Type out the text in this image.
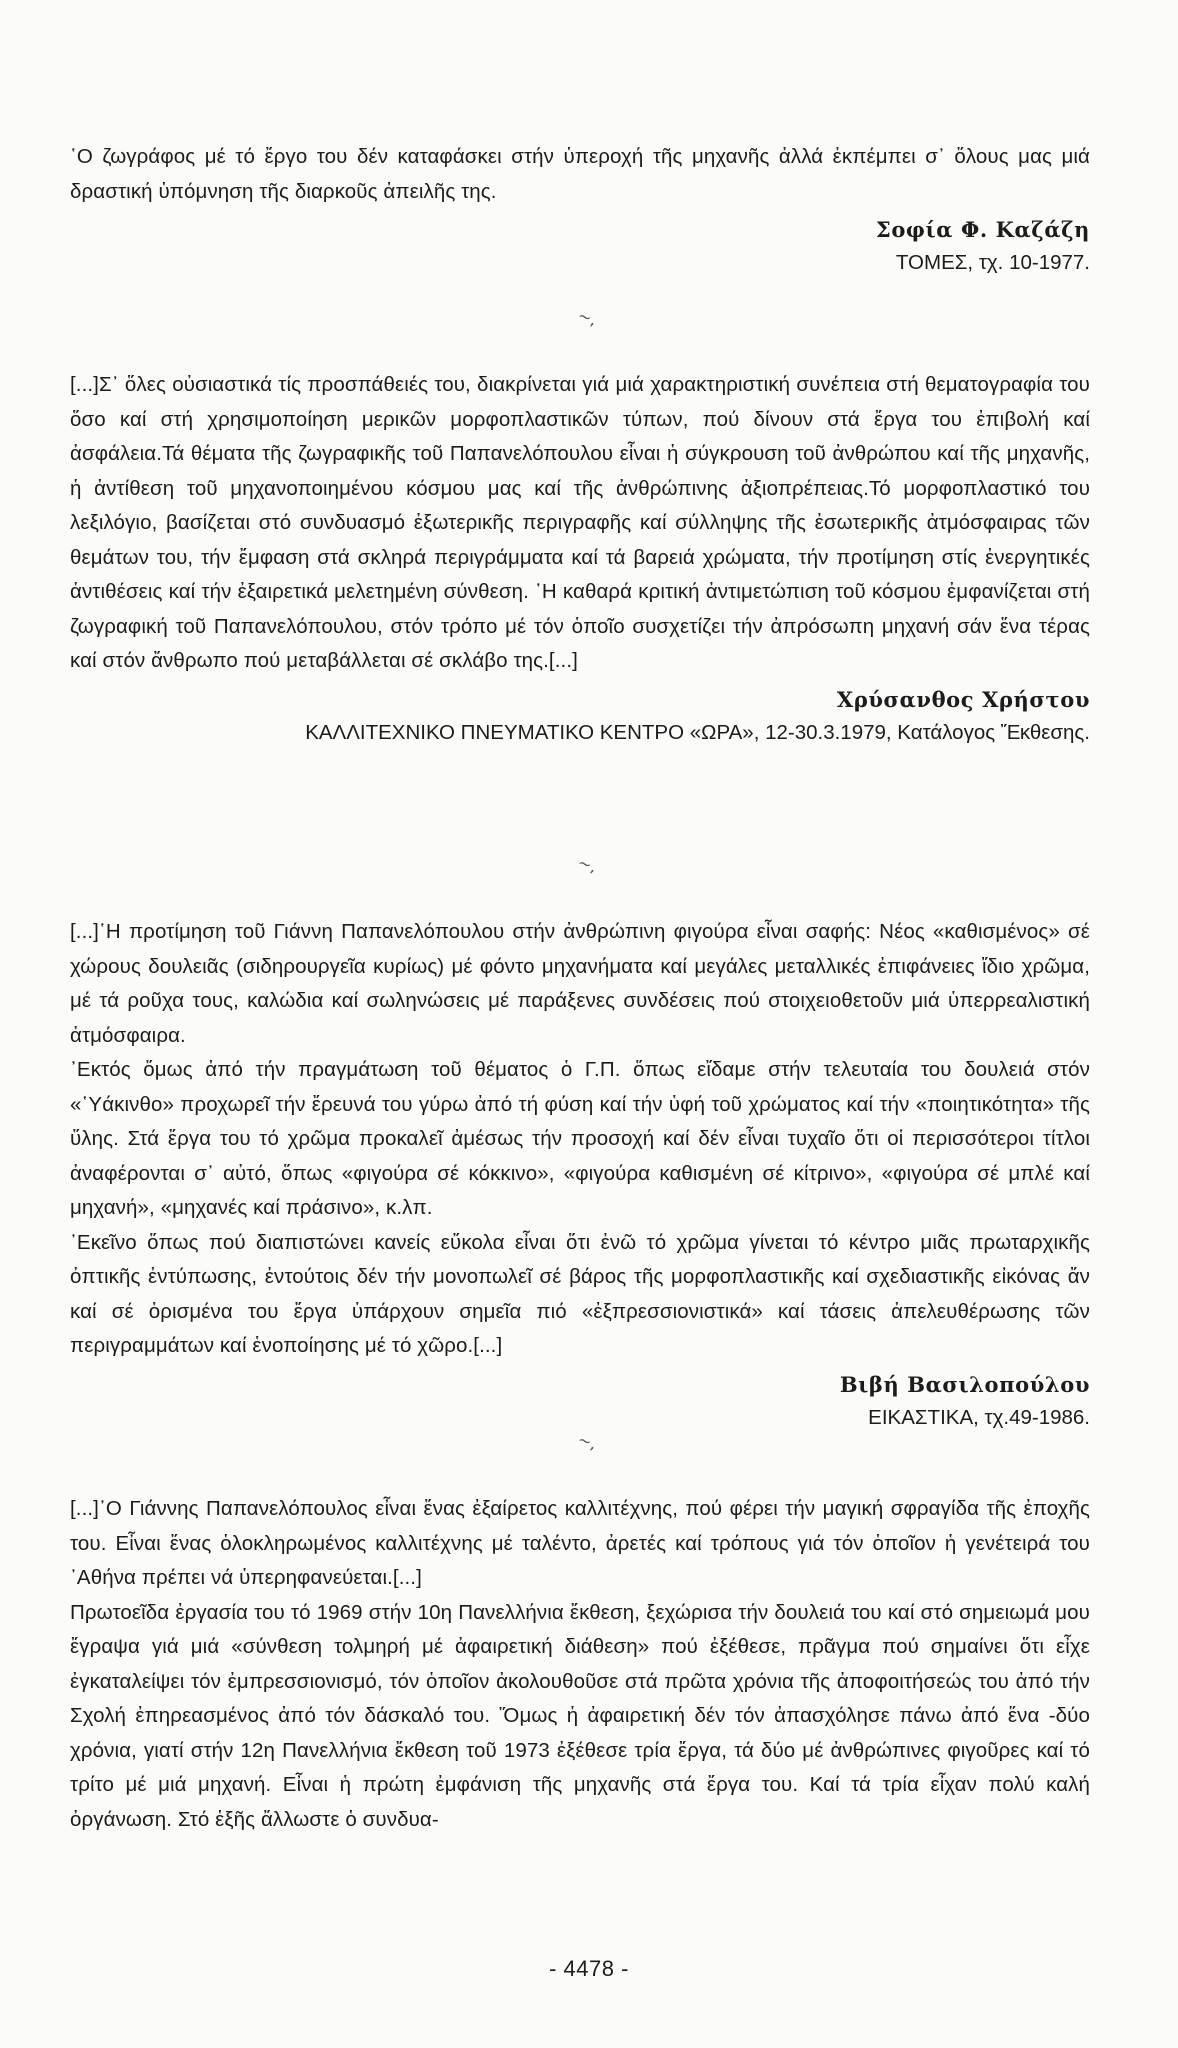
῾Ο ζωγράφος μέ τό ἔργο του δέν καταφάσκει στήν ὑπεροχή τῆς μηχανῆς ἀλλά ἐκπέμπει σ᾽ ὅλους μας μιά δραστική ὑπόμνηση τῆς διαρκοῦς ἀπειλῆς της.

Σοφία Φ. Καζάζη

ΤΟΜΕΣ, τχ. 10-1977.

~,

[...]Σ᾽ ὅλες οὐσιαστικά τίς προσπάθειές του, διακρίνεται γιά μιά χαρακτηριστική συνέπεια στή θεματογραφία του ὅσο καί στή χρησιμοποίηση μερικῶν μορφοπλαστικῶν τύπων, πού δίνουν στά ἔργα του ἐπιβολή καί ἀσφάλεια.Τά θέματα τῆς ζωγραφικῆς τοῦ Παπανελόπουλου εἶναι ἡ σύγκρουση τοῦ ἀνθρώπου καί τῆς μηχανῆς, ἡ ἀντίθεση τοῦ μηχανοποιημένου κόσμου μας καί τῆς ἀνθρώπινης ἀξιοπρέπειας.Τό μορφοπλαστικό του λεξιλόγιο, βασίζεται στό συνδυασμό ἐξωτερικῆς περιγραφῆς καί σύλληψης τῆς ἐσωτερικῆς ἀτμόσφαιρας τῶν θεμάτων του, τήν ἔμφαση στά σκληρά περιγράμματα καί τά βαρειά χρώματα, τήν προτίμηση στίς ἐνεργητικές ἀντιθέσεις καί τήν ἐξαιρετικά μελετημένη σύνθεση. ῾Η καθαρά κριτική ἀντιμετώπιση τοῦ κόσμου ἐμφανίζεται στή ζωγραφική τοῦ Παπανελόπουλου, στόν τρόπο μέ τόν ὁποῖο συσχετίζει τήν ἀπρόσωπη μηχανή σάν ἕνα τέρας καί στόν ἄνθρωπο πού μεταβάλλεται σέ σκλάβο της.[...]

Χρύσανθος Χρήστου

ΚΑΛΛΙΤΕΧΝΙΚΟ ΠΝΕΥΜΑΤΙΚΟ ΚΕΝΤΡΟ «ΩΡΑ», 12-30.3.1979, Κατάλογος Ἔκθεσης.

~,

[...]῾Η προτίμηση τοῦ Γιάννη Παπανελόπουλου στήν ἀνθρώπινη φιγούρα εἶναι σαφής: Νέος «καθισμένος» σέ χώρους δουλειᾶς (σιδηρουργεῖα κυρίως) μέ φόντο μηχανήματα καί μεγάλες μεταλλικές ἐπιφάνειες ἴδιο χρῶμα, μέ τά ροῦχα τους, καλώδια καί σωληνώσεις μέ παράξενες συνδέσεις πού στοιχειοθετοῦν μιά ὑπερρεαλιστική ἀτμόσφαιρα.

᾽Εκτός ὅμως ἀπό τήν πραγμάτωση τοῦ θέματος ὁ Γ.Π. ὅπως εἴδαμε στήν τελευταία του δουλειά στόν «῾Υάκινθο» προχωρεῖ τήν ἔρευνά του γύρω ἀπό τή φύση καί τήν ὑφή τοῦ χρώματος καί τήν «ποιητικότητα» τῆς ὕλης. Στά ἔργα του τό χρῶμα προκαλεῖ ἀμέσως τήν προσοχή καί δέν εἶναι τυχαῖο ὅτι οἱ περισσότεροι τίτλοι ἀναφέρονται σ᾽ αὐτό, ὅπως «φιγούρα σέ κόκκινο», «φιγούρα καθισμένη σέ κίτρινο», «φιγούρα σέ μπλέ καί μηχανή», «μηχανές καί πράσινο», κ.λπ.

᾽Εκεῖνο ὅπως πού διαπιστώνει κανείς εὔκολα εἶναι ὅτι ἐνῶ τό χρῶμα γίνεται τό κέντρο μιᾶς πρωταρχικῆς ὀπτικῆς ἐντύπωσης, ἐντούτοις δέν τήν μονοπωλεῖ σέ βάρος τῆς μορφοπλαστικῆς καί σχεδιαστικῆς εἰκόνας ἄν καί σέ ὁρισμένα του ἔργα ὑπάρχουν σημεῖα πιό «ἐξπρεσσιονιστικά» καί τάσεις ἀπελευθέρωσης τῶν περιγραμμάτων καί ἑνοποίησης μέ τό χῶρο.[...]

Βιβή Βασιλοπούλου

ΕΙΚΑΣΤΙΚΑ, τχ.49-1986.

~,

[...]᾽Ο Γιάννης Παπανελόπουλος εἶναι ἕνας ἐξαίρετος καλλιτέχνης, πού φέρει τήν μαγική σφραγίδα τῆς ἐποχῆς του. Εἶναι ἕνας ὁλοκληρωμένος καλλιτέχνης μέ ταλέντο, ἀρετές καί τρόπους γιά τόν ὁποῖον ἡ γενέτειρά του ᾽Αθήνα πρέπει νά ὑπερηφανεύεται.[...]

Πρωτοεῖδα ἐργασία του τό 1969 στήν 10η Πανελλήνια ἔκθεση, ξεχώρισα τήν δουλειά του καί στό σημειωμά μου ἔγραψα γιά μιά «σύνθεση τολμηρή μέ ἀφαιρετική διάθεση» πού ἐξέθεσε, πρᾶγμα πού σημαίνει ὅτι εἶχε ἐγκαταλείψει τόν ἐμπρεσσιονισμό, τόν ὁποῖον ἀκολουθοῦσε στά πρῶτα χρόνια τῆς ἀποφοιτήσεώς του ἀπό τήν Σχολή ἐπηρεασμένος ἀπό τόν δάσκαλό του. Ὅμως ἡ ἀφαιρετική δέν τόν ἀπασχόλησε πάνω ἀπό ἕνα -δύο χρόνια, γιατί στήν 12η Πανελλήνια ἔκθεση τοῦ 1973 ἐξέθεσε τρία ἔργα, τά δύο μέ ἀνθρώπινες φιγοῦρες καί τό τρίτο μέ μιά μηχανή. Εἶναι ἡ πρώτη ἐμφάνιση τῆς μηχανῆς στά ἔργα του. Καί τά τρία εἶχαν πολύ καλή ὀργάνωση. Στό ἑξῆς ἄλλωστε ὁ συνδυα-

- 4478 -
